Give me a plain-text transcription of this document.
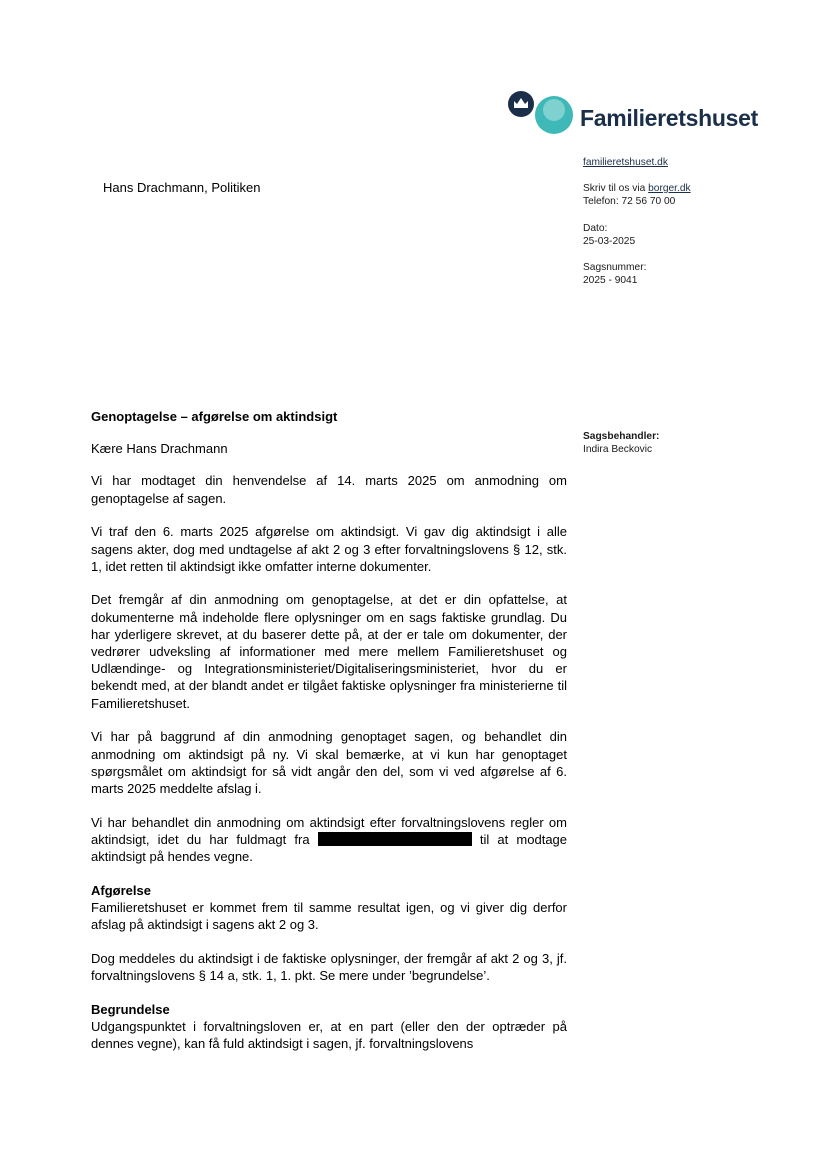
Familieretshuset
Hans Drachmann, Politiken
familieretshuset.dk
Skriv til os via borger.dk
Telefon: 72 56 70 00
Dato:
25-03-2025
Sagsnummer:
2025 - 9041
Sagsbehandler:
Indira Beckovic

Genoptagelse – afgørelse om aktindsigt

Kære Hans Drachmann

Vi har modtaget din henvendelse af 14. marts 2025 om anmodning om genoptagelse af sagen.

Vi traf den 6. marts 2025 afgørelse om aktindsigt. Vi gav dig aktindsigt i alle sagens akter, dog med undtagelse af akt 2 og 3 efter forvaltningslovens § 12, stk. 1, idet retten til aktindsigt ikke omfatter interne dokumenter.

Det fremgår af din anmodning om genoptagelse, at det er din opfattelse, at dokumenterne må indeholde flere oplysninger om en sags faktiske grundlag. Du har yderligere skrevet, at du baserer dette på, at der er tale om dokumenter, der vedrører udveksling af informationer med mere mellem Familieretshuset og Udlændinge- og Integrationsministeriet/Digitaliseringsministeriet, hvor du er bekendt med, at der blandt andet er tilgået faktiske oplysninger fra ministerierne til Familieretshuset.

Vi har på baggrund af din anmodning genoptaget sagen, og behandlet din anmodning om aktindsigt på ny. Vi skal bemærke, at vi kun har genoptaget spørgsmålet om aktindsigt for så vidt angår den del, som vi ved afgørelse af 6. marts 2025 meddelte afslag i.

Vi har behandlet din anmodning om aktindsigt efter forvaltningslovens regler om aktindsigt, idet du har fuldmagt fra	til at modtage aktindsigt på hendes vegne.

Afgørelse
Familieretshuset er kommet frem til samme resultat igen, og vi giver dig derfor afslag på aktindsigt i sagens akt 2 og 3.

Dog meddeles du aktindsigt i de faktiske oplysninger, der fremgår af akt 2 og 3, jf. forvaltningslovens § 14 a, stk. 1, 1. pkt. Se mere under ’begrundelse’.

Begrundelse
Udgangspunktet i forvaltningsloven er, at en part (eller den der optræder på dennes vegne), kan få fuld aktindsigt i sagen, jf. forvaltningslovens
